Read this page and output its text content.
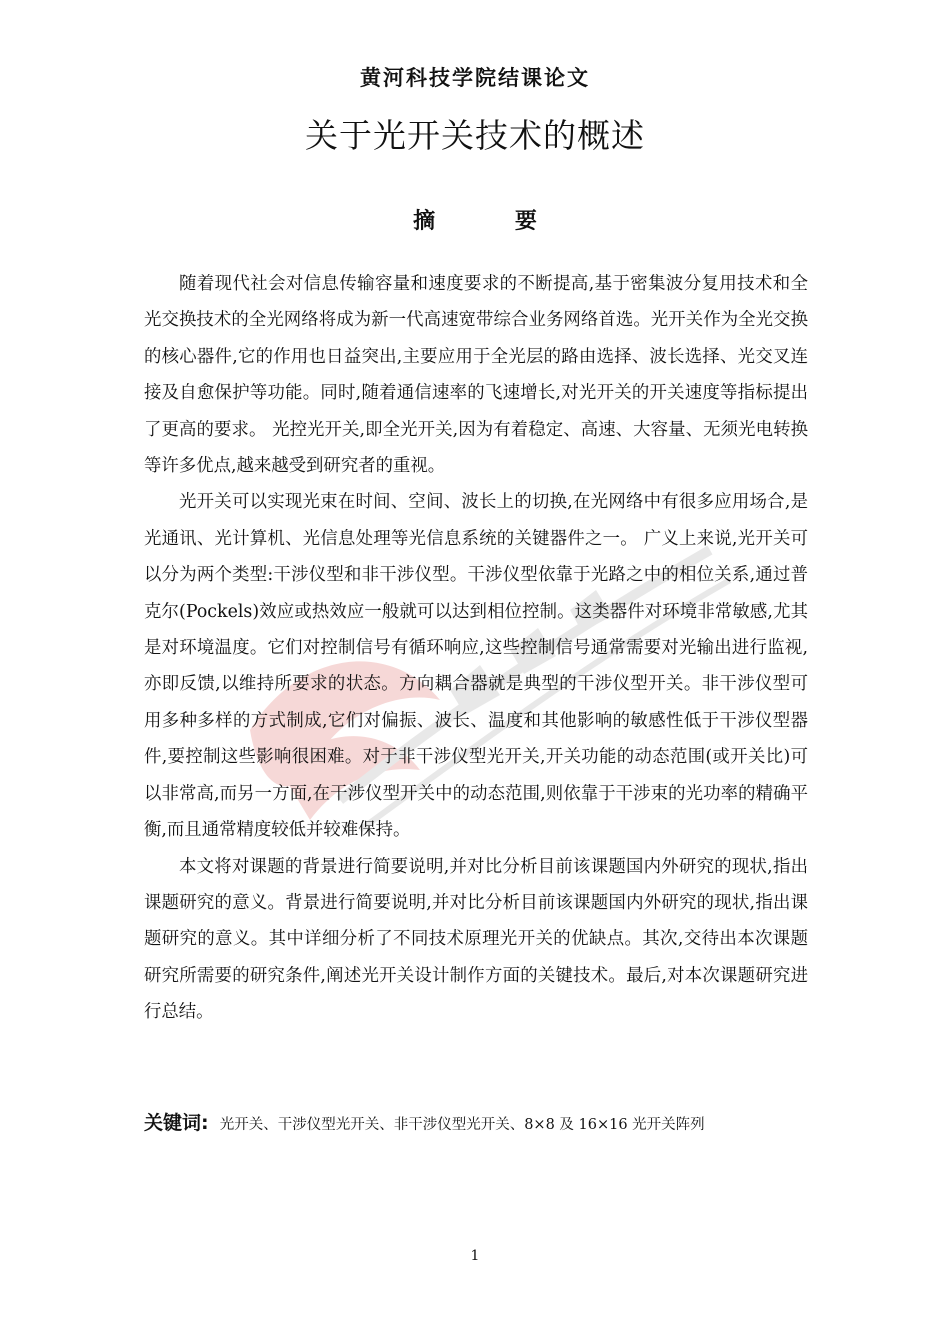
黄河科技学院结课论文
关于光开关技术的概述
摘 要

随着现代社会对信息传输容量和速度要求的不断提高,基于密集波分复用技术和全光交换技术的全光网络将成为新一代高速宽带综合业务网络首选。光开关作为全光交换的核心器件,它的作用也日益突出,主要应用于全光层的路由选择、波长选择、光交叉连接及自愈保护等功能。同时,随着通信速率的飞速增长,对光开关的开关速度等指标提出了更高的要求。 光控光开关,即全光开关,因为有着稳定、高速、大容量、无须光电转换等许多优点,越来越受到研究者的重视。

光开关可以实现光束在时间、空间、波长上的切换,在光网络中有很多应用场合,是光通讯、光计算机、光信息处理等光信息系统的关键器件之一。 广义上来说,光开关可以分为两个类型:干涉仪型和非干涉仪型。干涉仪型依靠于光路之中的相位关系,通过普克尔(Pockels)效应或热效应一般就可以达到相位控制。这类器件对环境非常敏感,尤其是对环境温度。它们对控制信号有循环响应,这些控制信号通常需要对光输出进行监视,亦即反馈,以维持所要求的状态。方向耦合器就是典型的干涉仪型开关。非干涉仪型可用多种多样的方式制成,它们对偏振、波长、温度和其他影响的敏感性低于干涉仪型器件,要控制这些影响很困难。对于非干涉仪型光开关,开关功能的动态范围(或开关比)可以非常高,而另一方面,在干涉仪型开关中的动态范围,则依靠于干涉束的光功率的精确平衡,而且通常精度较低并较难保持。

本文将对课题的背景进行简要说明,并对比分析目前该课题国内外研究的现状,指出课题研究的意义。背景进行简要说明,并对比分析目前该课题国内外研究的现状,指出课题研究的意义。其中详细分析了不同技术原理光开关的优缺点。其次,交待出本次课题研究所需要的研究条件,阐述光开关设计制作方面的关键技术。最后,对本次课题研究进行总结。

关键词: 光开关、干涉仪型光开关、非干涉仪型光开关、8×8 及 16×16 光开关阵列
1
